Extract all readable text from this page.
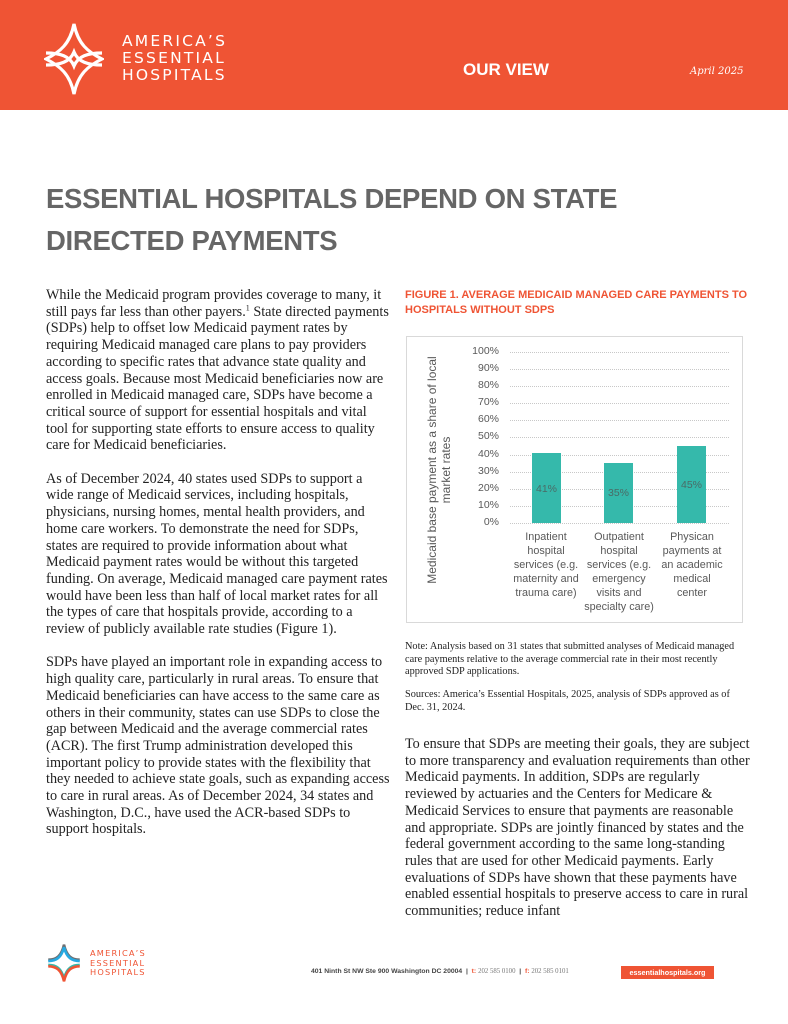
AMERICA’S
ESSENTIAL
HOSPITALS	OUR VIEW	April 2025
ESSENTIAL HOSPITALS DEPEND ON STATE DIRECTED PAYMENTS

While the Medicaid program provides coverage to many, it still pays far less than other payers.$^1$ State directed payments (SDPs) help to offset low Medicaid payment rates by requiring Medicaid managed care plans to pay providers according to specific rates that advance state quality and access goals. Because most Medicaid beneficiaries now are enrolled in Medicaid managed care, SDPs have become a critical source of support for essential hospitals and vital tool for supporting state efforts to ensure access to quality care for Medicaid beneficiaries.

As of December 2024, 40 states used SDPs to support a wide range of Medicaid services, including hospitals, physicians, nursing homes, mental health providers, and home care workers. To demonstrate the need for SDPs, states are required to provide information about what Medicaid payment rates would be without this targeted funding. On average, Medicaid managed care payment rates would have been less than half of local market rates for all the types of care that hospitals provide, according to a review of publicly available rate studies (Figure 1).

SDPs have played an important role in expanding access to high quality care, particularly in rural areas. To ensure that Medicaid beneficiaries can have access to the same care as others in their community, states can use SDPs to close the gap between Medicaid and the average commercial rates (ACR). The first Trump administration developed this important policy to provide states with the flexibility that they needed to achieve state goals, such as expanding access to care in rural areas. As of December 2024, 34 states and Washington, D.C., have used the ACR-based SDPs to support hospitals.

FIGURE 1. AVERAGE MEDICAID MANAGED CARE PAYMENTS TO HOSPITALS WITHOUT SDPS
Medicaid base payment as a share of local market rates
0%
10%
20%
30%
40%
50%
60%
70%
80%
90%
100%
41%	35%
45%
Inpatient
hospital
services (e.g.
maternity and
trauma care)
Outpatient
hospital
services (e.g.
emergency
visits and
specialty care)
Physican
payments at
an academic
medical center

Note: Analysis based on 31 states that submitted analyses of Medicaid managed care payments relative to the average commercial rate in their most recently approved SDP applications.

Sources: America’s Essential Hospitals, 2025, analysis of SDPs approved as of Dec. 31, 2024.

To ensure that SDPs are meeting their goals, they are subject to more transparency and evaluation requirements than other Medicaid payments. In addition, SDPs are regularly reviewed by actuaries and the Centers for Medicare & Medicaid Services to ensure that payments are reasonable and appropriate. SDPs are jointly financed by states and the federal government according to the same long-standing rules that are used for other Medicaid payments. Early evaluations of SDPs have shown that these payments have enabled essential hospitals to preserve access to care in rural communities; reduce infant

AMERICA’S
ESSENTIAL
HOSPITALS	401 Ninth St NW Ste 900 Washington DC 20004 | t: 202 585 0100 | f: 202 585 0101	essentialhospitals.org
